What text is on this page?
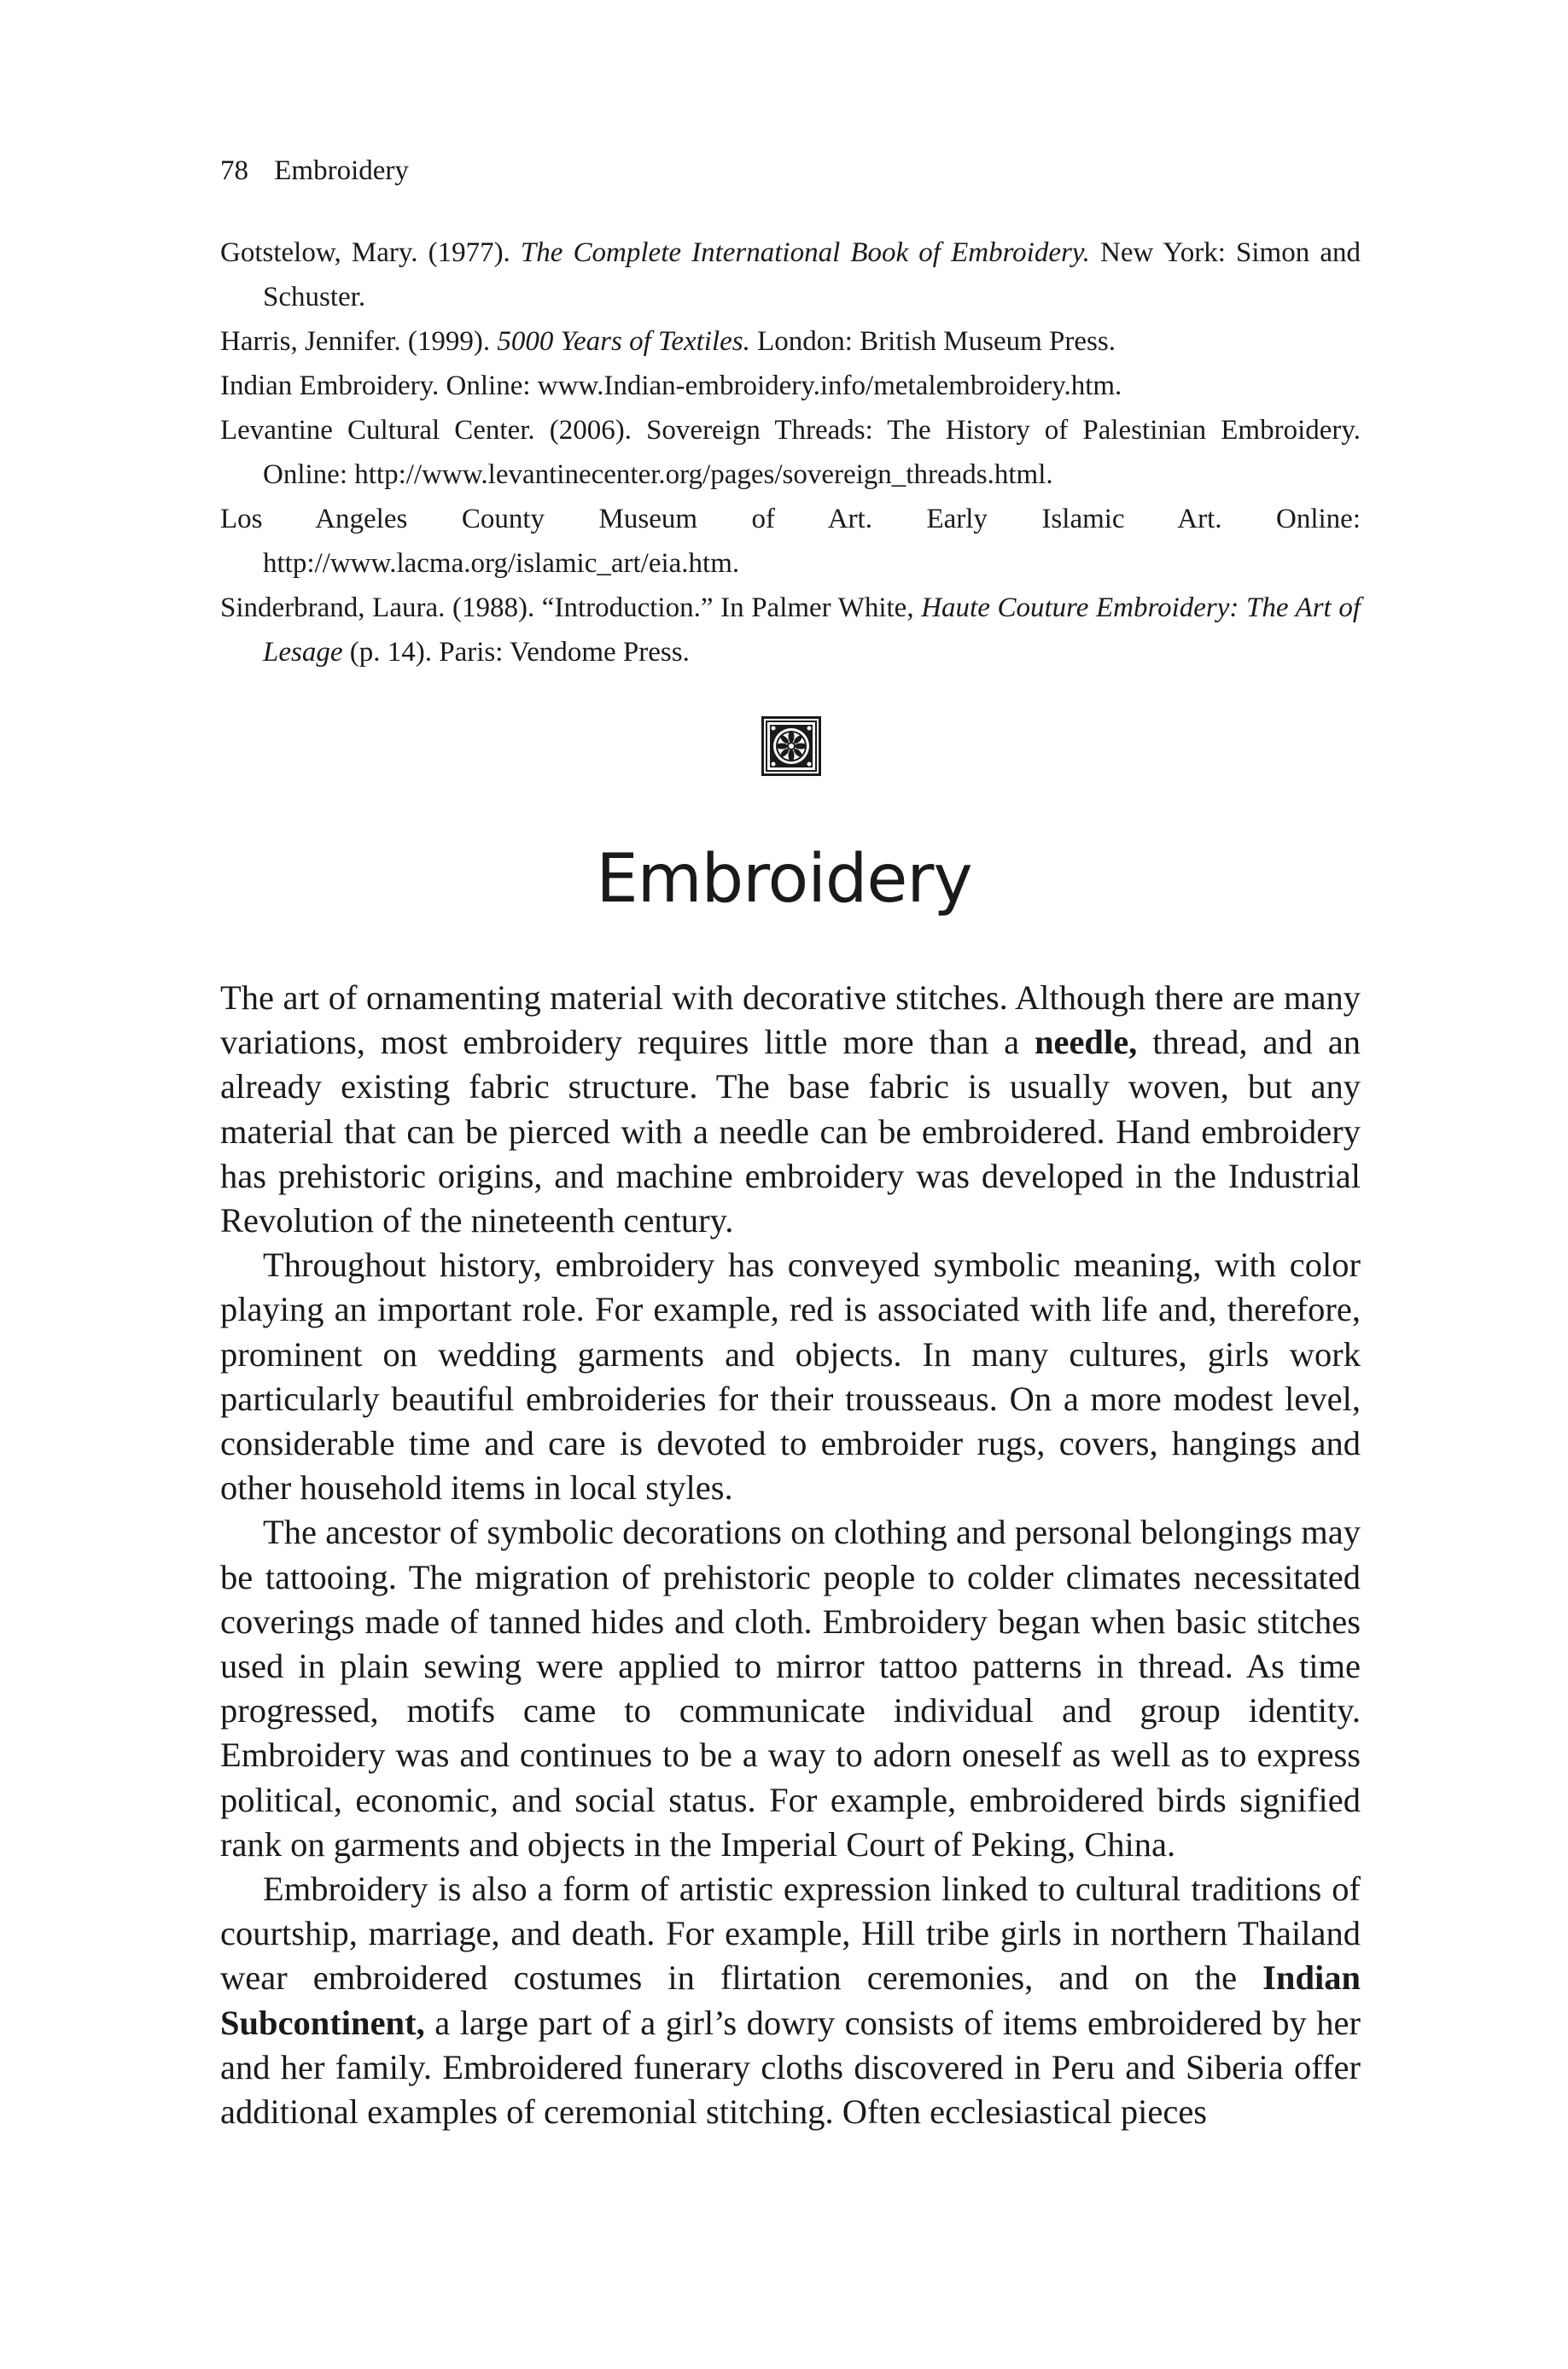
78 Embroidery

Gotstelow, Mary. (1977). The Complete International Book of Embroidery. New York: Simon and Schuster.

Harris, Jennifer. (1999). 5000 Years of Textiles. London: British Museum Press.

Indian Embroidery. Online: www.Indian-embroidery.info/metalembroidery.htm.

Levantine Cultural Center. (2006). Sovereign Threads: The History of Palestinian Embroidery. Online: http://www.levantinecenter.org/pages/sovereign_threads.html.

Los Angeles County Museum of Art. Early Islamic Art. Online: http://www.lacma.org/islamic_art/eia.htm.

Sinderbrand, Laura. (1988). “Introduction.” In Palmer White, Haute Couture Embroidery: The Art of Lesage (p. 14). Paris: Vendome Press.

Embroidery

The art of ornamenting material with decorative stitches. Although there are many variations, most embroidery requires little more than a needle, thread, and an already existing fabric structure. The base fabric is usually woven, but any material that can be pierced with a needle can be embroidered. Hand embroidery has prehistoric origins, and machine embroidery was developed in the Industrial Revolution of the nineteenth century.

Throughout history, embroidery has conveyed symbolic meaning, with color playing an important role. For example, red is associated with life and, therefore, prominent on wedding garments and objects. In many cultures, girls work particularly beautiful embroideries for their trousseaus. On a more modest level, considerable time and care is devoted to embroider rugs, covers, hangings and other household items in local styles.

The ancestor of symbolic decorations on clothing and personal belongings may be tattooing. The migration of prehistoric people to colder climates necessitated coverings made of tanned hides and cloth. Embroidery began when basic stitches used in plain sewing were applied to mirror tattoo patterns in thread. As time progressed, motifs came to communicate individual and group identity. Embroidery was and continues to be a way to adorn oneself as well as to express political, economic, and social status. For example, embroidered birds signified rank on garments and objects in the Imperial Court of Peking, China.

Embroidery is also a form of artistic expression linked to cultural traditions of courtship, marriage, and death. For example, Hill tribe girls in northern Thailand wear embroidered costumes in flirtation ceremonies, and on the Indian Subcontinent, a large part of a girl’s dowry consists of items embroidered by her and her family. Embroidered funerary cloths discovered in Peru and Siberia offer additional examples of ceremonial stitching. Often ecclesiastical pieces
